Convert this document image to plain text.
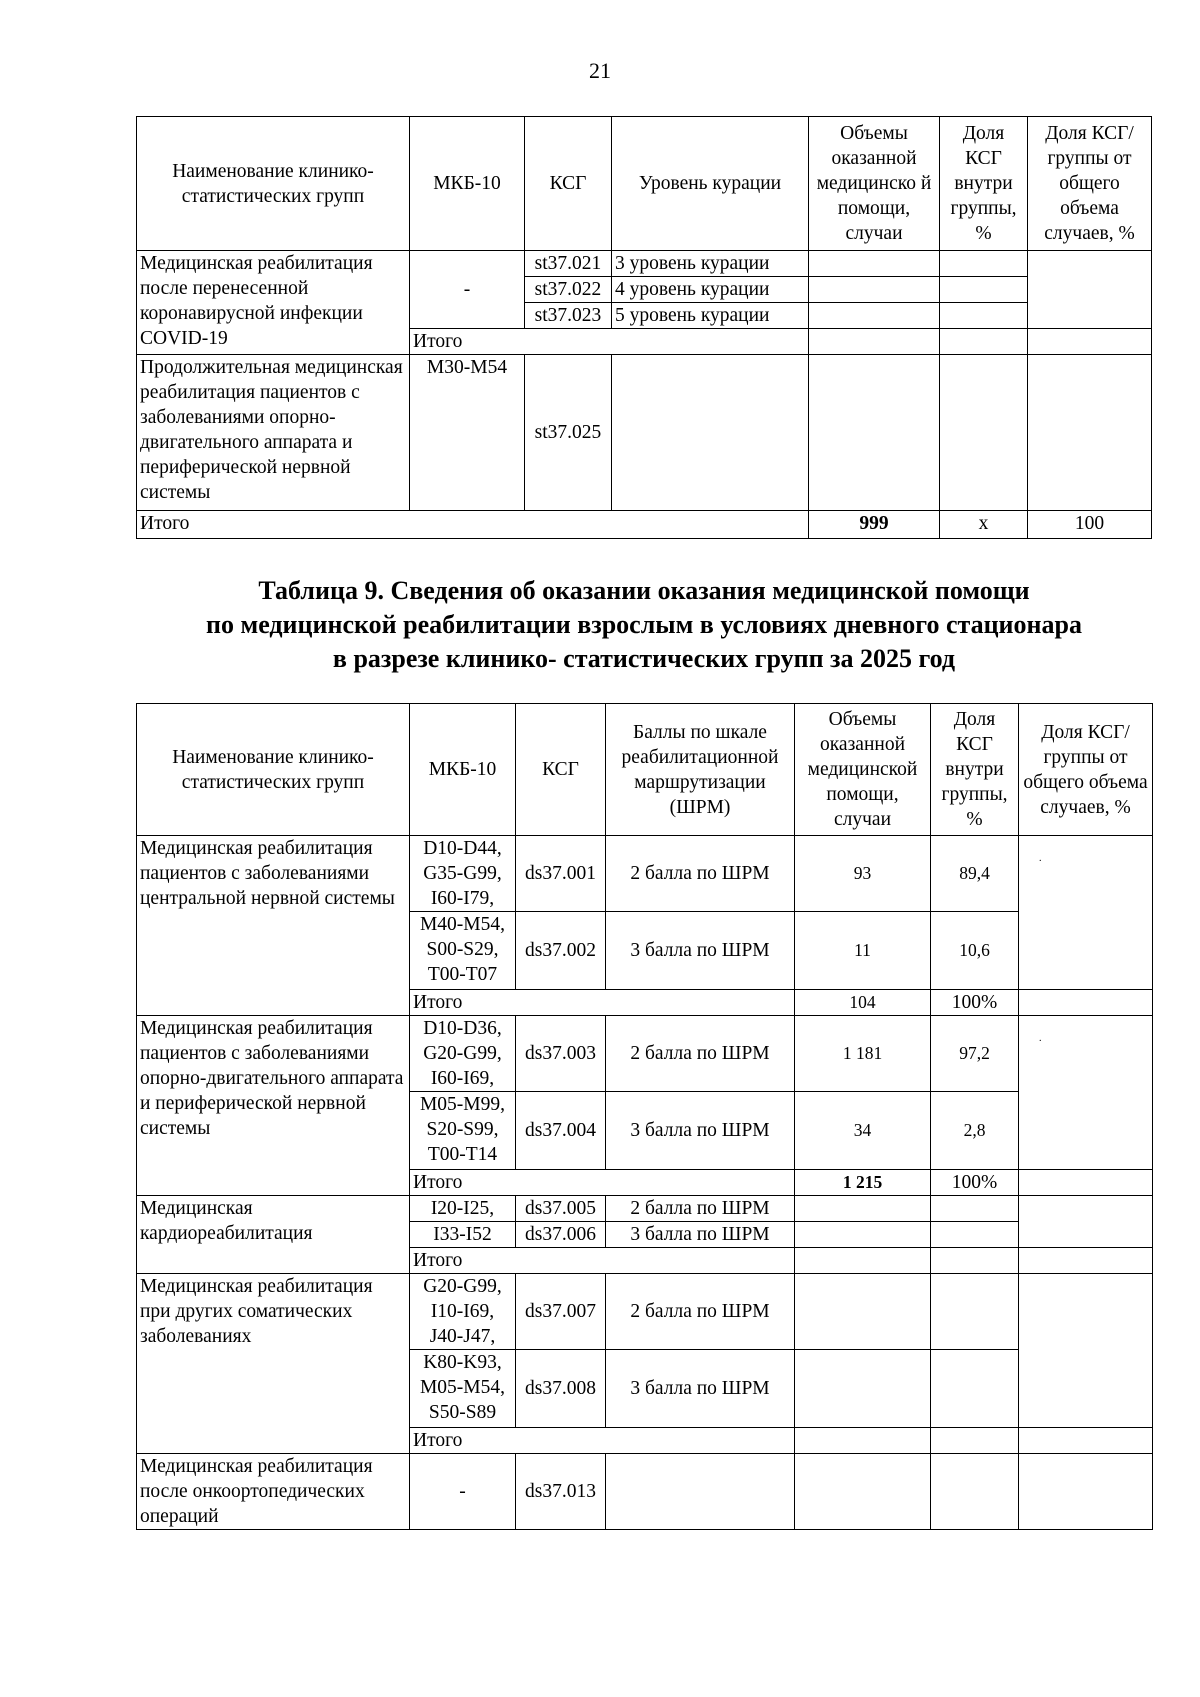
21
Наименование клинико-статистических групп	МКБ-10	КСГ	Уровень курации	Объемы оказанной медицинско й помощи, случаи	Доля КСГ внутри группы, %	Доля КСГ/ группы от общего объема случаев, %
Медицинская реабилитация после перенесенной коронавирусной инфекции COVID-19	-	st37.021	3 уровень курации			
		st37.022	4 уровень курации			
		st37.023	5 уровень курации			
	Итого					
Продолжительная медицинская реабилитация пациентов с заболеваниями опорно-двигательного аппарата и периферической нервной системы	M30-M54	st37.025				
Итого				999	х	100
Таблица 9. Сведения об оказании оказания медицинской помощи
по медицинской реабилитации взрослым в условиях дневного стационара
в разрезе клинико- статистических групп за 2025 год
Наименование клинико-статистических групп	МКБ-10	КСГ	Баллы по шкале реабилитационной маршрутизации (ШРМ)	Объемы оказанной медицинской помощи, случаи	Доля КСГ внутри группы, %	Доля КСГ/ группы от общего объема случаев, %
Медицинская реабилитация пациентов с заболеваниями центральной нервной системы	D10-D44, G35-G99, I60-I79,	ds37.001	2 балла по ШРМ	93	89,4	.
	M40-M54, S00-S29, T00-T07	ds37.002	3 балла по ШРМ	11	10,6	
	Итого			104	100%	
Медицинская реабилитация пациентов с заболеваниями опорно-двигательного аппарата и периферической нервной системы	D10-D36, G20-G99, I60-I69,	ds37.003	2 балла по ШРМ	1 181	97,2	.
	M05-M99, S20-S99, T00-T14	ds37.004	3 балла по ШРМ	34	2,8	
	Итого			1 215	100%	
Медицинская кардиореабилитация	I20-I25,	ds37.005	2 балла по ШРМ			
	I33-I52	ds37.006	3 балла по ШРМ			
	Итого					
Медицинская реабилитация при других соматических заболеваниях	G20-G99, I10-I69, J40-J47,	ds37.007	2 балла по ШРМ			
	K80-K93, M05-M54, S50-S89	ds37.008	3 балла по ШРМ			
	Итого					
Медицинская реабилитация после онкоортопедических операций	-	ds37.013				
